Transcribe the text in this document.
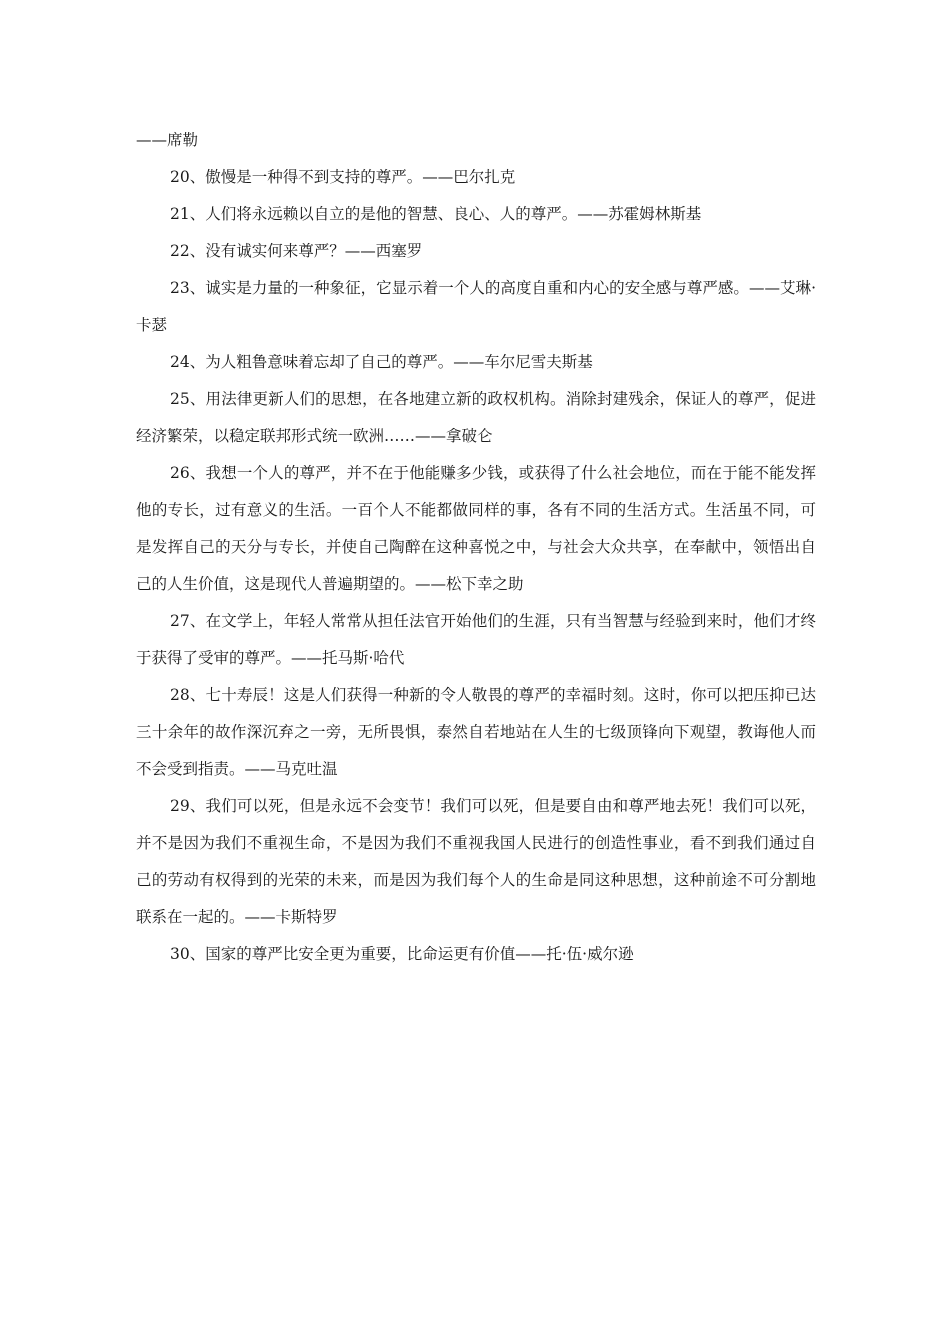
——席勒

20、傲慢是一种得不到支持的尊严。——巴尔扎克

21、人们将永远赖以自立的是他的智慧、良心、人的尊严。——苏霍姆林斯基

22、没有诚实何来尊严？——西塞罗

23、诚实是力量的一种象征，它显示着一个人的高度自重和内心的安全感与尊严感。——艾琳·卡瑟

24、为人粗鲁意味着忘却了自己的尊严。——车尔尼雪夫斯基

25、用法律更新人们的思想，在各地建立新的政权机构。消除封建残余，保证人的尊严，促进经济繁荣，以稳定联邦形式统一欧洲……——拿破仑

26、我想一个人的尊严，并不在于他能赚多少钱，或获得了什么社会地位，而在于能不能发挥他的专长，过有意义的生活。一百个人不能都做同样的事，各有不同的生活方式。生活虽不同，可是发挥自己的天分与专长，并使自己陶醉在这种喜悦之中，与社会大众共享，在奉献中，领悟出自己的人生价值，这是现代人普遍期望的。——松下幸之助

27、在文学上，年轻人常常从担任法官开始他们的生涯，只有当智慧与经验到来时，他们才终于获得了受审的尊严。——托马斯·哈代

28、七十寿辰！这是人们获得一种新的令人敬畏的尊严的幸福时刻。这时，你可以把压抑已达三十余年的故作深沉弃之一旁，无所畏惧，泰然自若地站在人生的七级顶锋向下观望，教诲他人而不会受到指责。——马克吐温

29、我们可以死，但是永远不会变节！我们可以死，但是要自由和尊严地去死！我们可以死，并不是因为我们不重视生命，不是因为我们不重视我国人民进行的创造性事业，看不到我们通过自己的劳动有权得到的光荣的未来，而是因为我们每个人的生命是同这种思想，这种前途不可分割地联系在一起的。——卡斯特罗

30、国家的尊严比安全更为重要，比命运更有价值——托·伍·威尔逊
